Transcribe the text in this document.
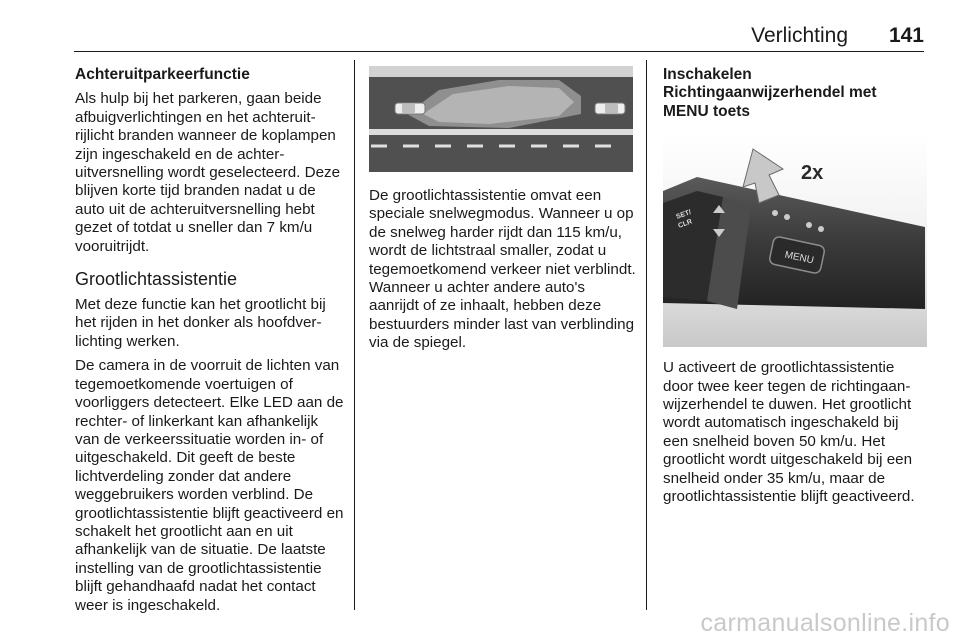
Verlichting 141
Achteruitparkeerfunctie

Als hulp bij het parkeren, gaan beide afbuigverlichtingen en het achteruitrijlicht branden wanneer de koplampen zijn ingeschakeld en de achteruitversnelling wordt geselecteerd. Deze blijven korte tijd branden nadat u de auto uit de achteruitversnelling hebt gezet of totdat u sneller dan 7 km/u vooruitrijdt.

Grootlichtassistentie

Met deze functie kan het grootlicht bij het rijden in het donker als hoofdverlichting werken.

De camera in de voorruit de lichten van tegemoetkomende voertuigen of voorliggers detecteert. Elke LED aan de rechter- of linkerkant kan afhankelijk van de verkeerssituatie worden in- of uitgeschakeld. Dit geeft de beste lichtverdeling zonder dat andere weggebruikers worden verblind. De grootlichtassistentie blijft geactiveerd en schakelt het grootlicht aan en uit afhankelijk van de situatie. De laatste instelling van de grootlichtassistentie blijft gehandhaafd nadat het contact weer is ingeschakeld.

De grootlichtassistentie omvat een speciale snelwegmodus. Wanneer u op de snelweg harder rijdt dan 115 km/u, wordt de lichtstraal smaller, zodat u tegemoetkomend verkeer niet verblindt. Wanneer u achter andere auto's aanrijdt of ze inhaalt, hebben deze bestuurders minder last van verblinding via de spiegel.

Inschakelen
Richtingaanwijzerhendel met MENU toets
MENU
2x
SET/
CLR

U activeert de grootlichtassistentie door twee keer tegen de richtingaanwijzerhendel te duwen. Het grootlicht wordt automatisch ingeschakeld bij een snelheid boven 50 km/u. Het grootlicht wordt uitgeschakeld bij een snelheid onder 35 km/u, maar de grootlichtassistentie blijft geactiveerd.

carmanualsonline.info
